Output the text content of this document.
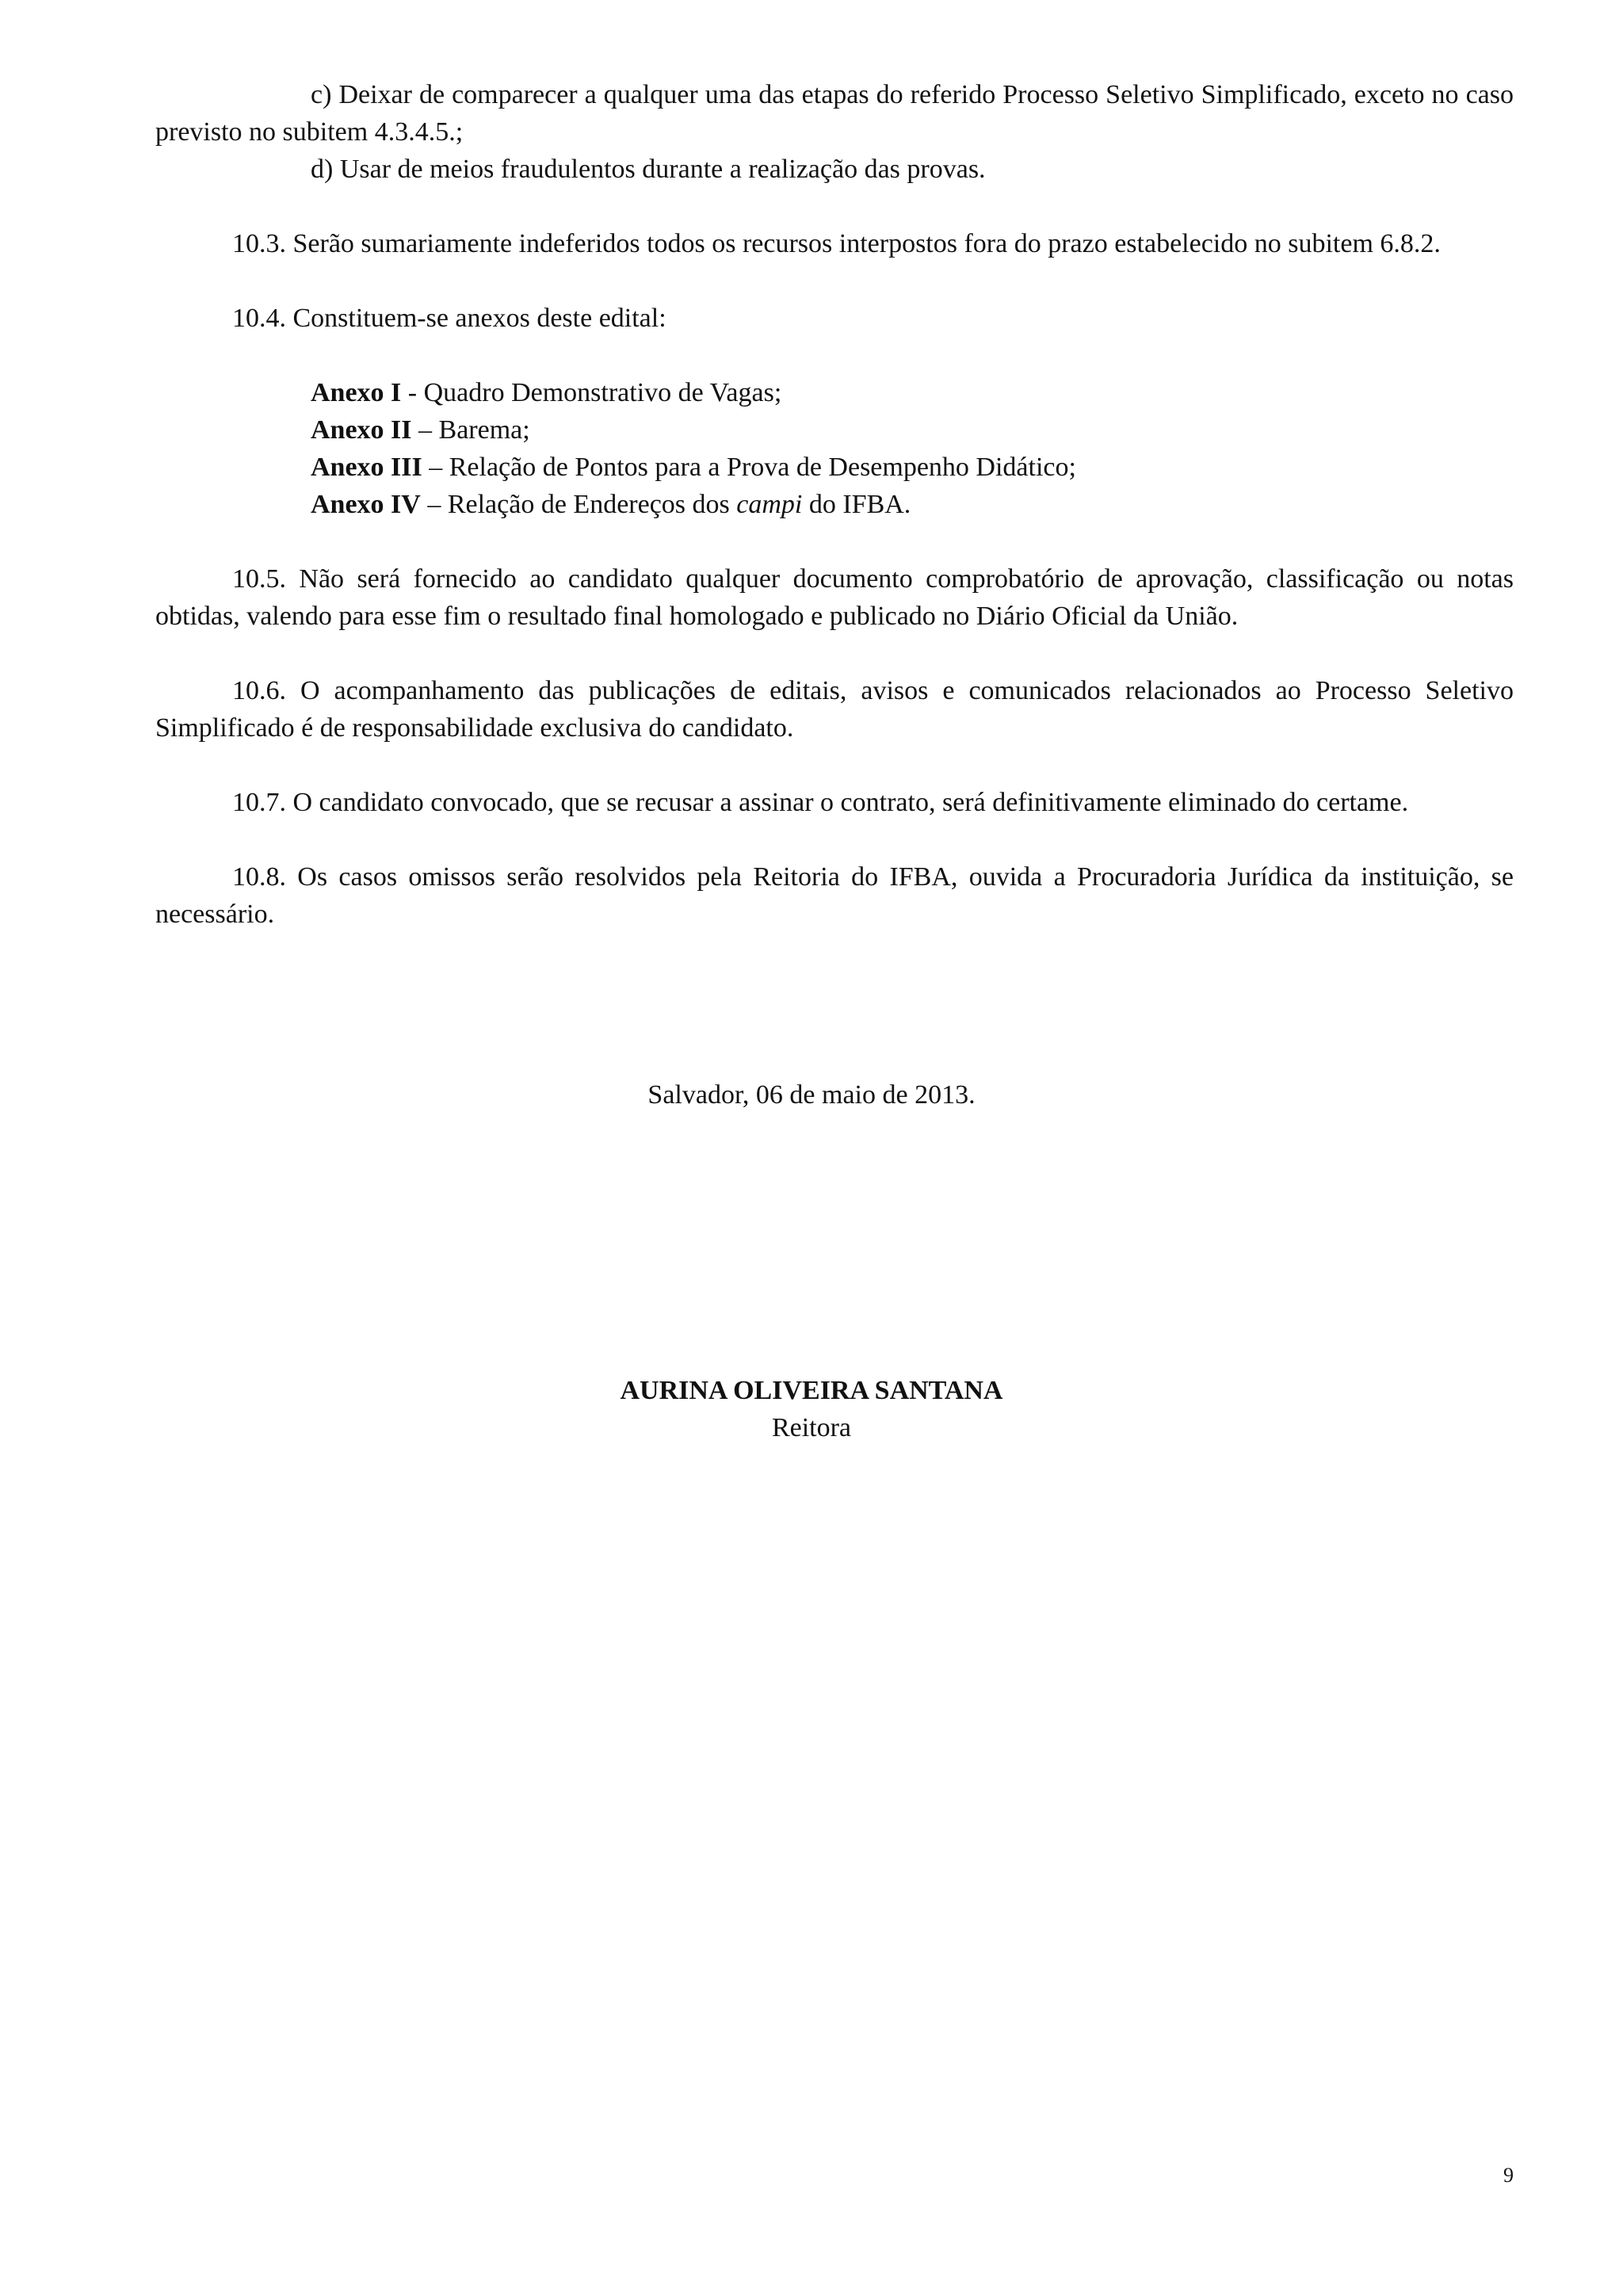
c) Deixar de comparecer a qualquer uma das etapas do referido Processo Seletivo Simplificado, exceto no caso previsto no subitem 4.3.4.5.;

d) Usar de meios fraudulentos durante a realização das provas.

10.3. Serão sumariamente indeferidos todos os recursos interpostos fora do prazo estabelecido no subitem 6.8.2.

10.4. Constituem-se anexos deste edital:

Anexo I - Quadro Demonstrativo de Vagas;
Anexo II – Barema;
Anexo III – Relação de Pontos para a Prova de Desempenho Didático;
Anexo IV – Relação de Endereços dos campi do IFBA.

10.5. Não será fornecido ao candidato qualquer documento comprobatório de aprovação, classificação ou notas obtidas, valendo para esse fim o resultado final homologado e publicado no Diário Oficial da União.

10.6. O acompanhamento das publicações de editais, avisos e comunicados relacionados ao Processo Seletivo Simplificado é de responsabilidade exclusiva do candidato.

10.7. O candidato convocado, que se recusar a assinar o contrato, será definitivamente eliminado do certame.

10.8. Os casos omissos serão resolvidos pela Reitoria do IFBA, ouvida a Procuradoria Jurídica da instituição, se necessário.

Salvador, 06 de maio de 2013.
AURINA OLIVEIRA SANTANA
Reitora
9
